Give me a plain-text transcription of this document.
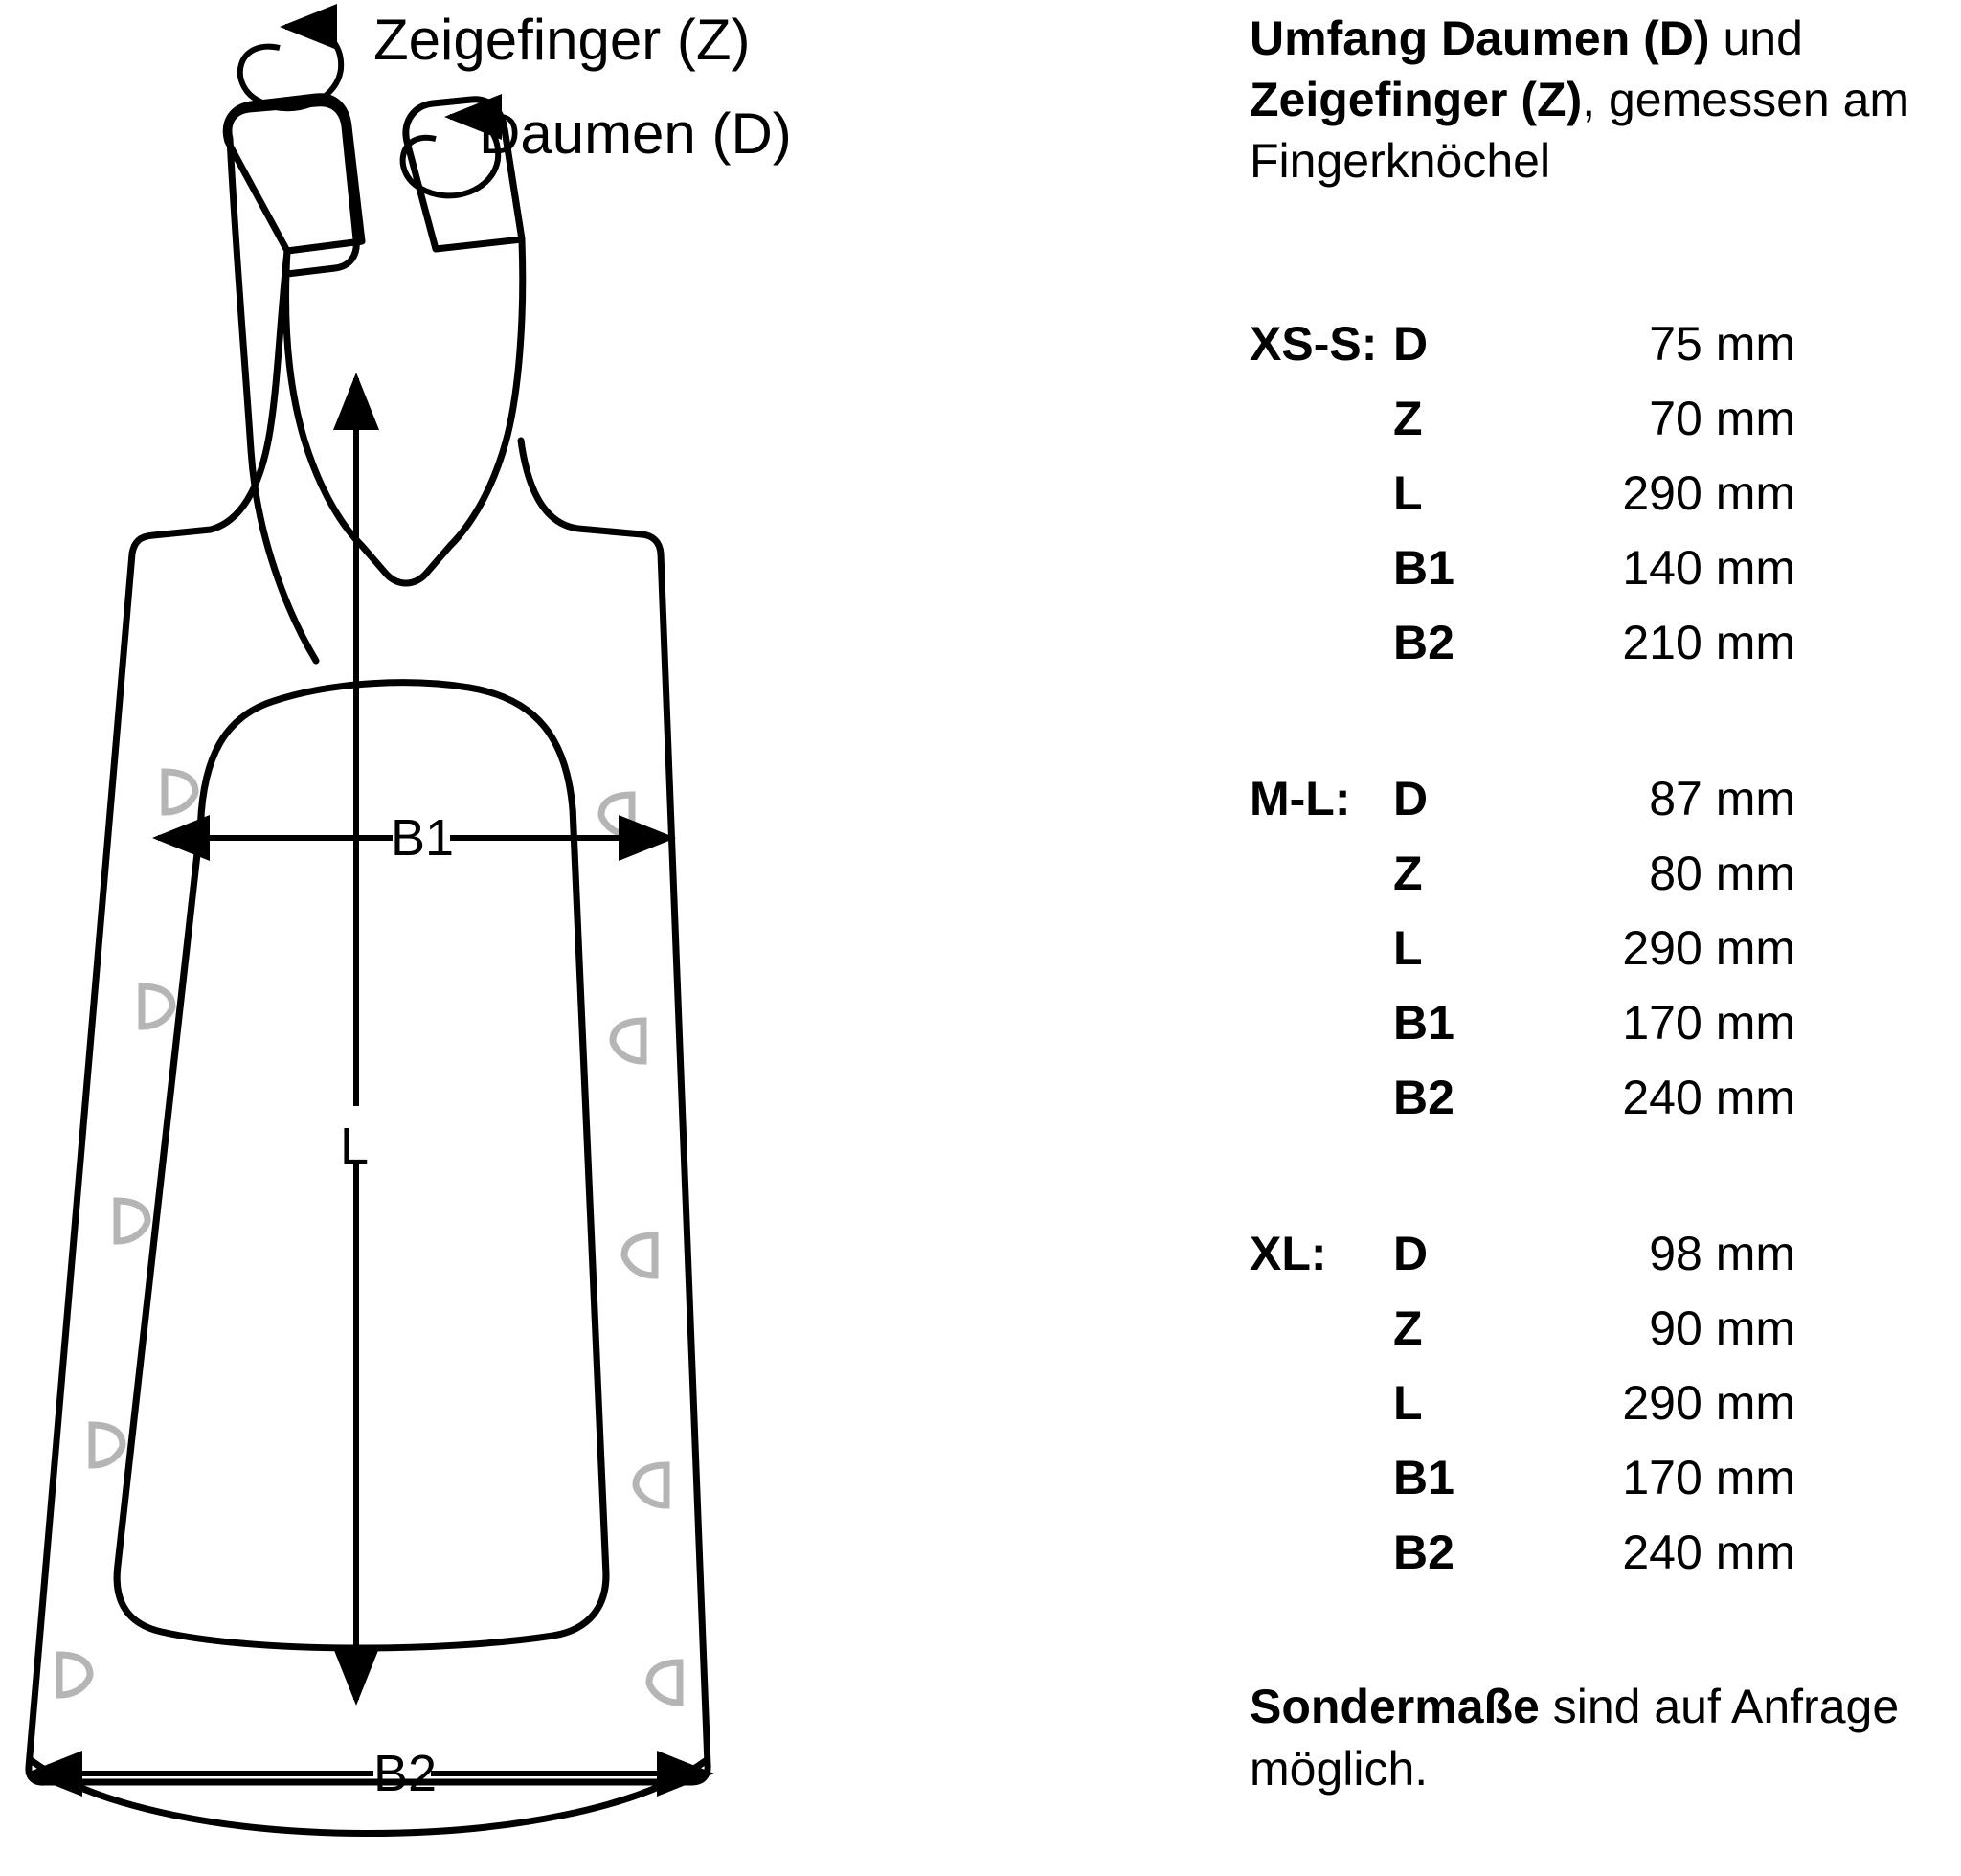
Zeigefinger (Z)
Daumen (D)
B1
L
B2
Umfang Daumen (D) und Zeigefinger (Z), gemessen am Fingerknöchel
XS-S: D	75 mm
Z	70 mm
L	290 mm
B1	140 mm
B2	210 mm
M-L: D	87 mm
Z	80 mm
L	290 mm
B1	170 mm
B2	240 mm
XL:	D	98 mm
Z	90 mm
L	290 mm
B1	170 mm
B2	240 mm
Sondermaße sind auf Anfrage möglich.
